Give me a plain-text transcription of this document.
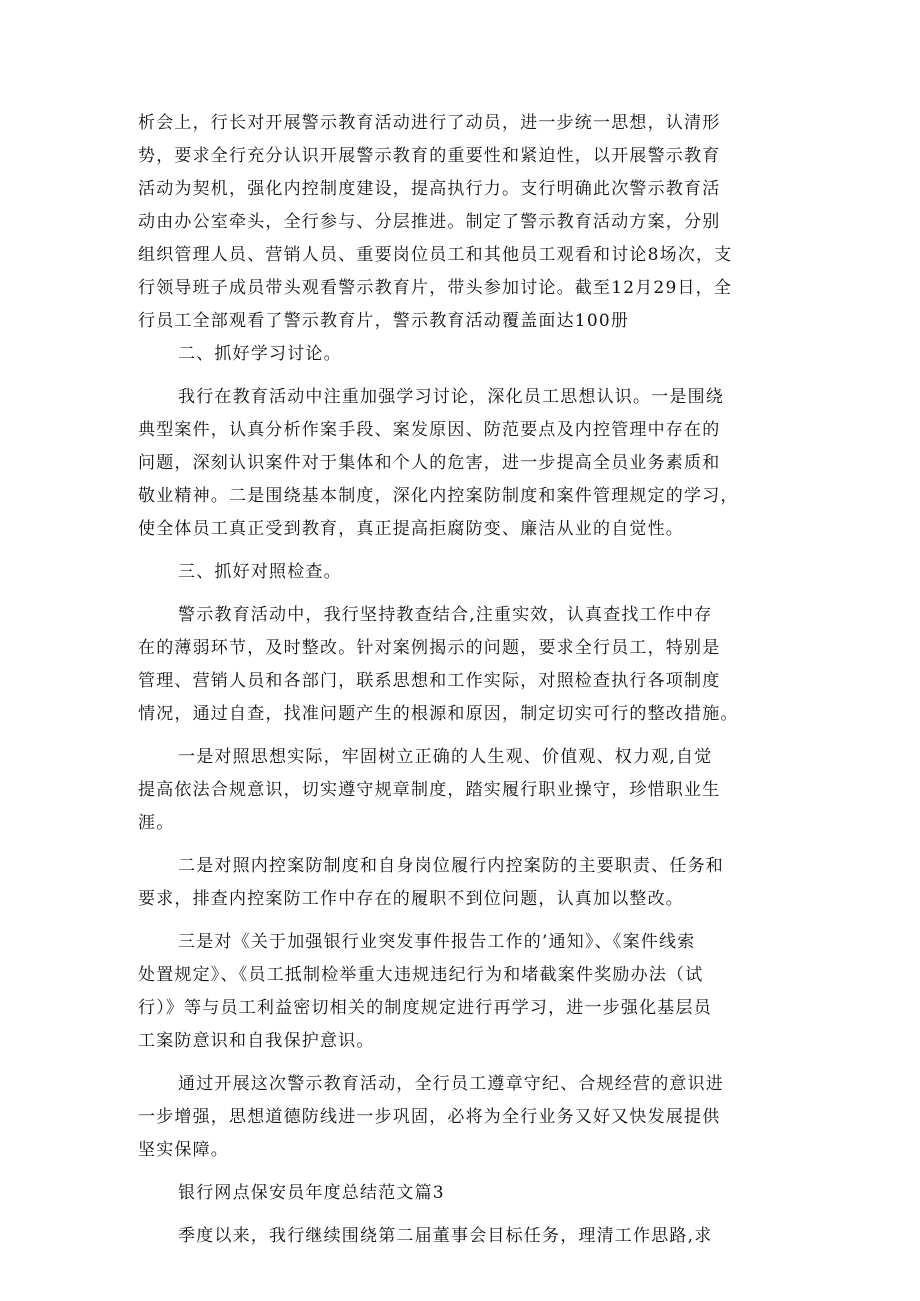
析会上，行长对开展警示教育活动进行了动员，进一步统一思想，认清形
势，要求全行充分认识开展警示教育的重要性和紧迫性，以开展警示教育
活动为契机，强化内控制度建设，提高执行力。支行明确此次警示教育活
动由办公室牵头，全行参与、分层推进。制定了警示教育活动方案，分别
组织管理人员、营销人员、重要岗位员工和其他员工观看和讨论8场次，支
行领导班子成员带头观看警示教育片，带头参加讨论。截至12月29日，全
行员工全部观看了警示教育片，警示教育活动覆盖面达100册
二、抓好学习讨论。
我行在教育活动中注重加强学习讨论，深化员工思想认识。一是围绕
典型案件，认真分析作案手段、案发原因、防范要点及内控管理中存在的
问题，深刻认识案件对于集体和个人的危害，进一步提高全员业务素质和
敬业精神。二是围绕基本制度，深化内控案防制度和案件管理规定的学习，
使全体员工真正受到教育，真正提高拒腐防变、廉洁从业的自觉性。
三、抓好对照检查。
警示教育活动中，我行坚持教查结合,注重实效，认真查找工作中存
在的薄弱环节，及时整改。针对案例揭示的问题，要求全行员工，特别是
管理、营销人员和各部门，联系思想和工作实际，对照检查执行各项制度
情况，通过自查，找准问题产生的根源和原因，制定切实可行的整改措施。
一是对照思想实际，牢固树立正确的人生观、价值观、权力观,自觉
提高依法合规意识，切实遵守规章制度，踏实履行职业操守，珍惜职业生
涯。
二是对照内控案防制度和自身岗位履行内控案防的主要职责、任务和
要求，排查内控案防工作中存在的履职不到位问题，认真加以整改。
三是对《关于加强银行业突发事件报告工作的’通知》、《案件线索
处置规定》、《员工抵制检举重大违规违纪行为和堵截案件奖励办法（试
行）》等与员工利益密切相关的制度规定进行再学习，进一步强化基层员
工案防意识和自我保护意识。
通过开展这次警示教育活动，全行员工遵章守纪、合规经营的意识进
一步增强，思想道德防线进一步巩固，必将为全行业务又好又快发展提供
坚实保障。
银行网点保安员年度总结范文篇3
季度以来，我行继续围绕第二届董事会目标任务，理清工作思路,求
